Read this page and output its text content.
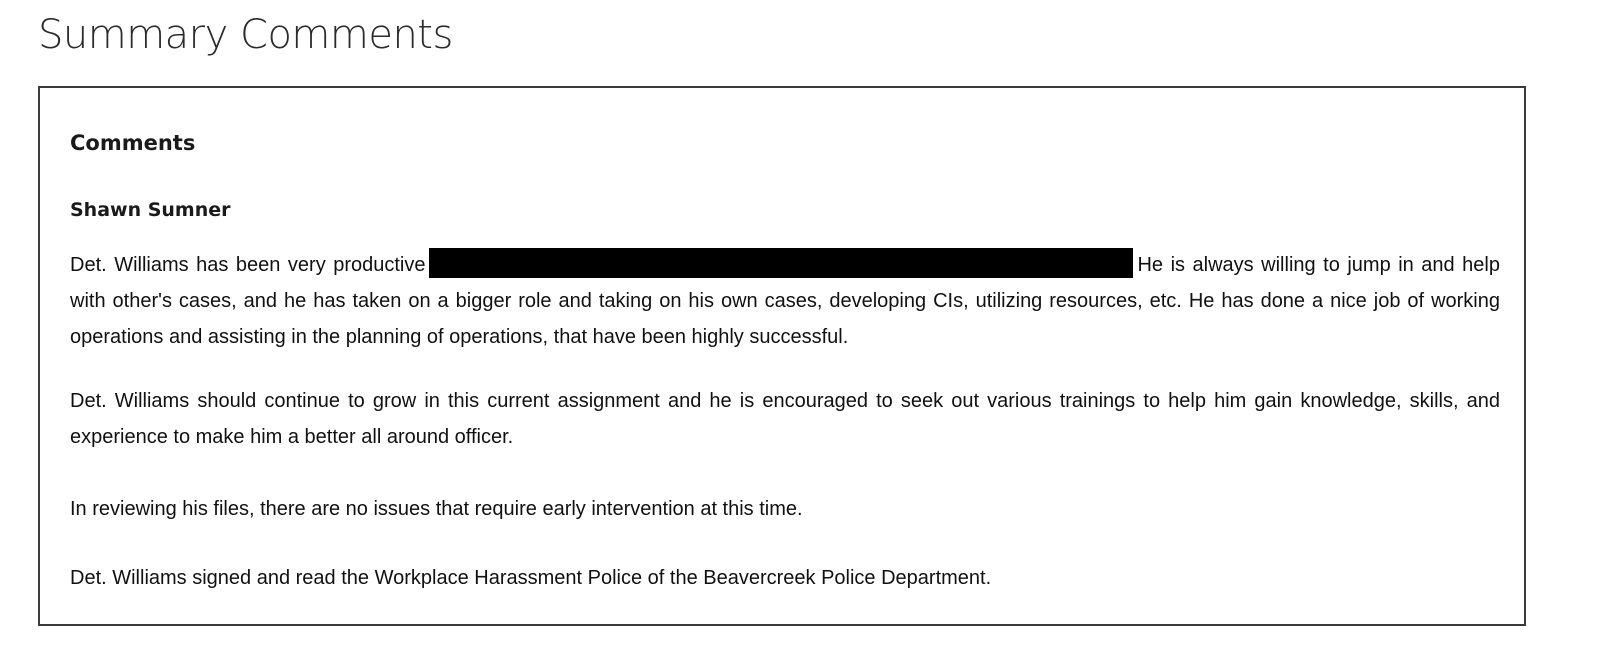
Summary Comments
Comments
Shawn Sumner

Det. Williams has been very productive	He is always willing to jump in and help with other's cases, and he has taken on a bigger role and taking on his own cases, developing CIs, utilizing resources, etc. He has done a nice job of working operations and assisting in the planning of operations, that have been highly successful.

Det. Williams should continue to grow in this current assignment and he is encouraged to seek out various trainings to help him gain knowledge, skills, and experience to make him a better all around officer.

In reviewing his files, there are no issues that require early intervention at this time.

Det. Williams signed and read the Workplace Harassment Police of the Beavercreek Police Department.
